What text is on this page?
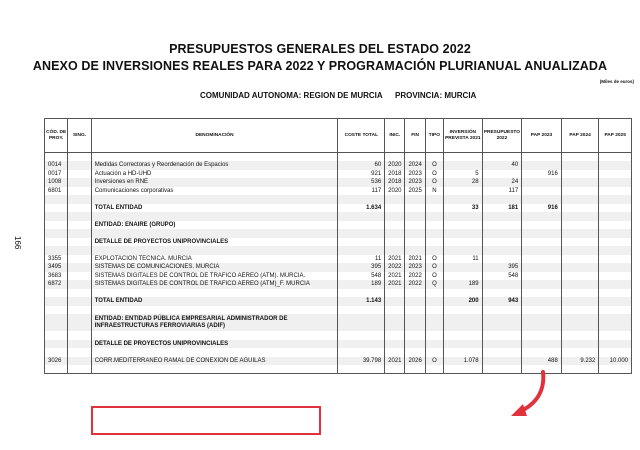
PRESUPUESTOS GENERALES DEL ESTADO 2022
ANEXO DE INVERSIONES REALES PARA 2022 Y PROGRAMACIÓN PLURIANUAL ANUALIZADA
(Miles de euros)
COMUNIDAD AUTONOMA: REGION DE MURCIA PROVINCIA: MURCIA
166
CÓD. DE PROY.	SING.	DENOMINACIÓN	COSTE TOTAL	INIC.	FIN	TIPO	INVERSIÓN PREVISTA 2021	PRESUPUESTO 2022	PAP 2023	PAP 2024	PAP 2025

0014		Medidas Correctoras y Reordenación de Espacios	60	2020	2024	O		40			
0017		Actuación a HD-UHD	921	2018	2023	O	5		916		
1008		Inversiones en RNE	536	2018	2023	O	28	24			
6801		Comunicaciones corporativas	117	2020	2025	N		117			

		TOTAL ENTIDAD	1.634				33	181	916		

		ENTIDAD: ENAIRE (GRUPO)									

		DETALLE DE PROYECTOS UNIPROVINCIALES									

3355		EXPLOTACIÓN TÉCNICA. MURCIA	11	2021	2021	O	11				
3495		SISTEMAS DE COMUNICACIONES. MURCIA	395	2022	2023	O		395			
3683		SISTEMAS DIGITALES DE CONTROL DE TRÁFICO AÉREO (ATM). MURCIA.	548	2021	2022	O		548			
6872		SISTEMAS DIGITALES DE CONTROL DE TRÁFICO AÉREO (ATM)_F. MURCIA	189	2021	2022	Q	189				

		TOTAL ENTIDAD	1.143				200	943			

		ENTIDAD: ENTIDAD PÚBLICA EMPRESARIAL ADMINISTRADOR DE INFRAESTRUCTURAS FERROVIARIAS (ADIF)									

		DETALLE DE PROYECTOS UNIPROVINCIALES									

3026		CORR.MEDITERRANEO RAMAL DE CONEXIÓN DE AGUILAS	39.798	2021	2026	O	1.078		488	9.232	10.000
